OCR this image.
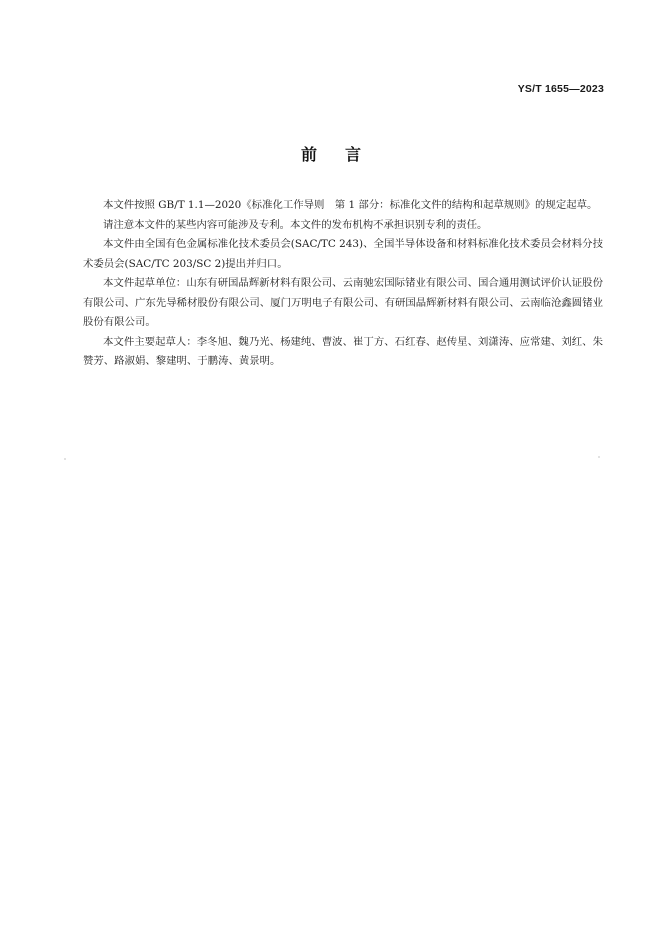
YS/T 1655—2023
前 言

本文件按照 GB/T 1.1—2020《标准化工作导则　第 1 部分：标准化文件的结构和起草规则》的规定起草。

请注意本文件的某些内容可能涉及专利。本文件的发布机构不承担识别专利的责任。

本文件由全国有色金属标准化技术委员会(SAC/TC 243)、全国半导体设备和材料标准化技术委员会材料分技术委员会(SAC/TC 203/SC 2)提出并归口。

本文件起草单位：山东有研国晶辉新材料有限公司、云南驰宏国际锗业有限公司、国合通用测试评价认证股份有限公司、广东先导稀材股份有限公司、厦门万明电子有限公司、有研国晶辉新材料有限公司、云南临沧鑫圆锗业股份有限公司。

本文件主要起草人：李冬旭、魏乃光、杨建纯、曹波、崔丁方、石红春、赵传星、刘潇涛、应常建、刘红、朱赞芳、路淑娟、黎建明、于鹏涛、黄景明。
